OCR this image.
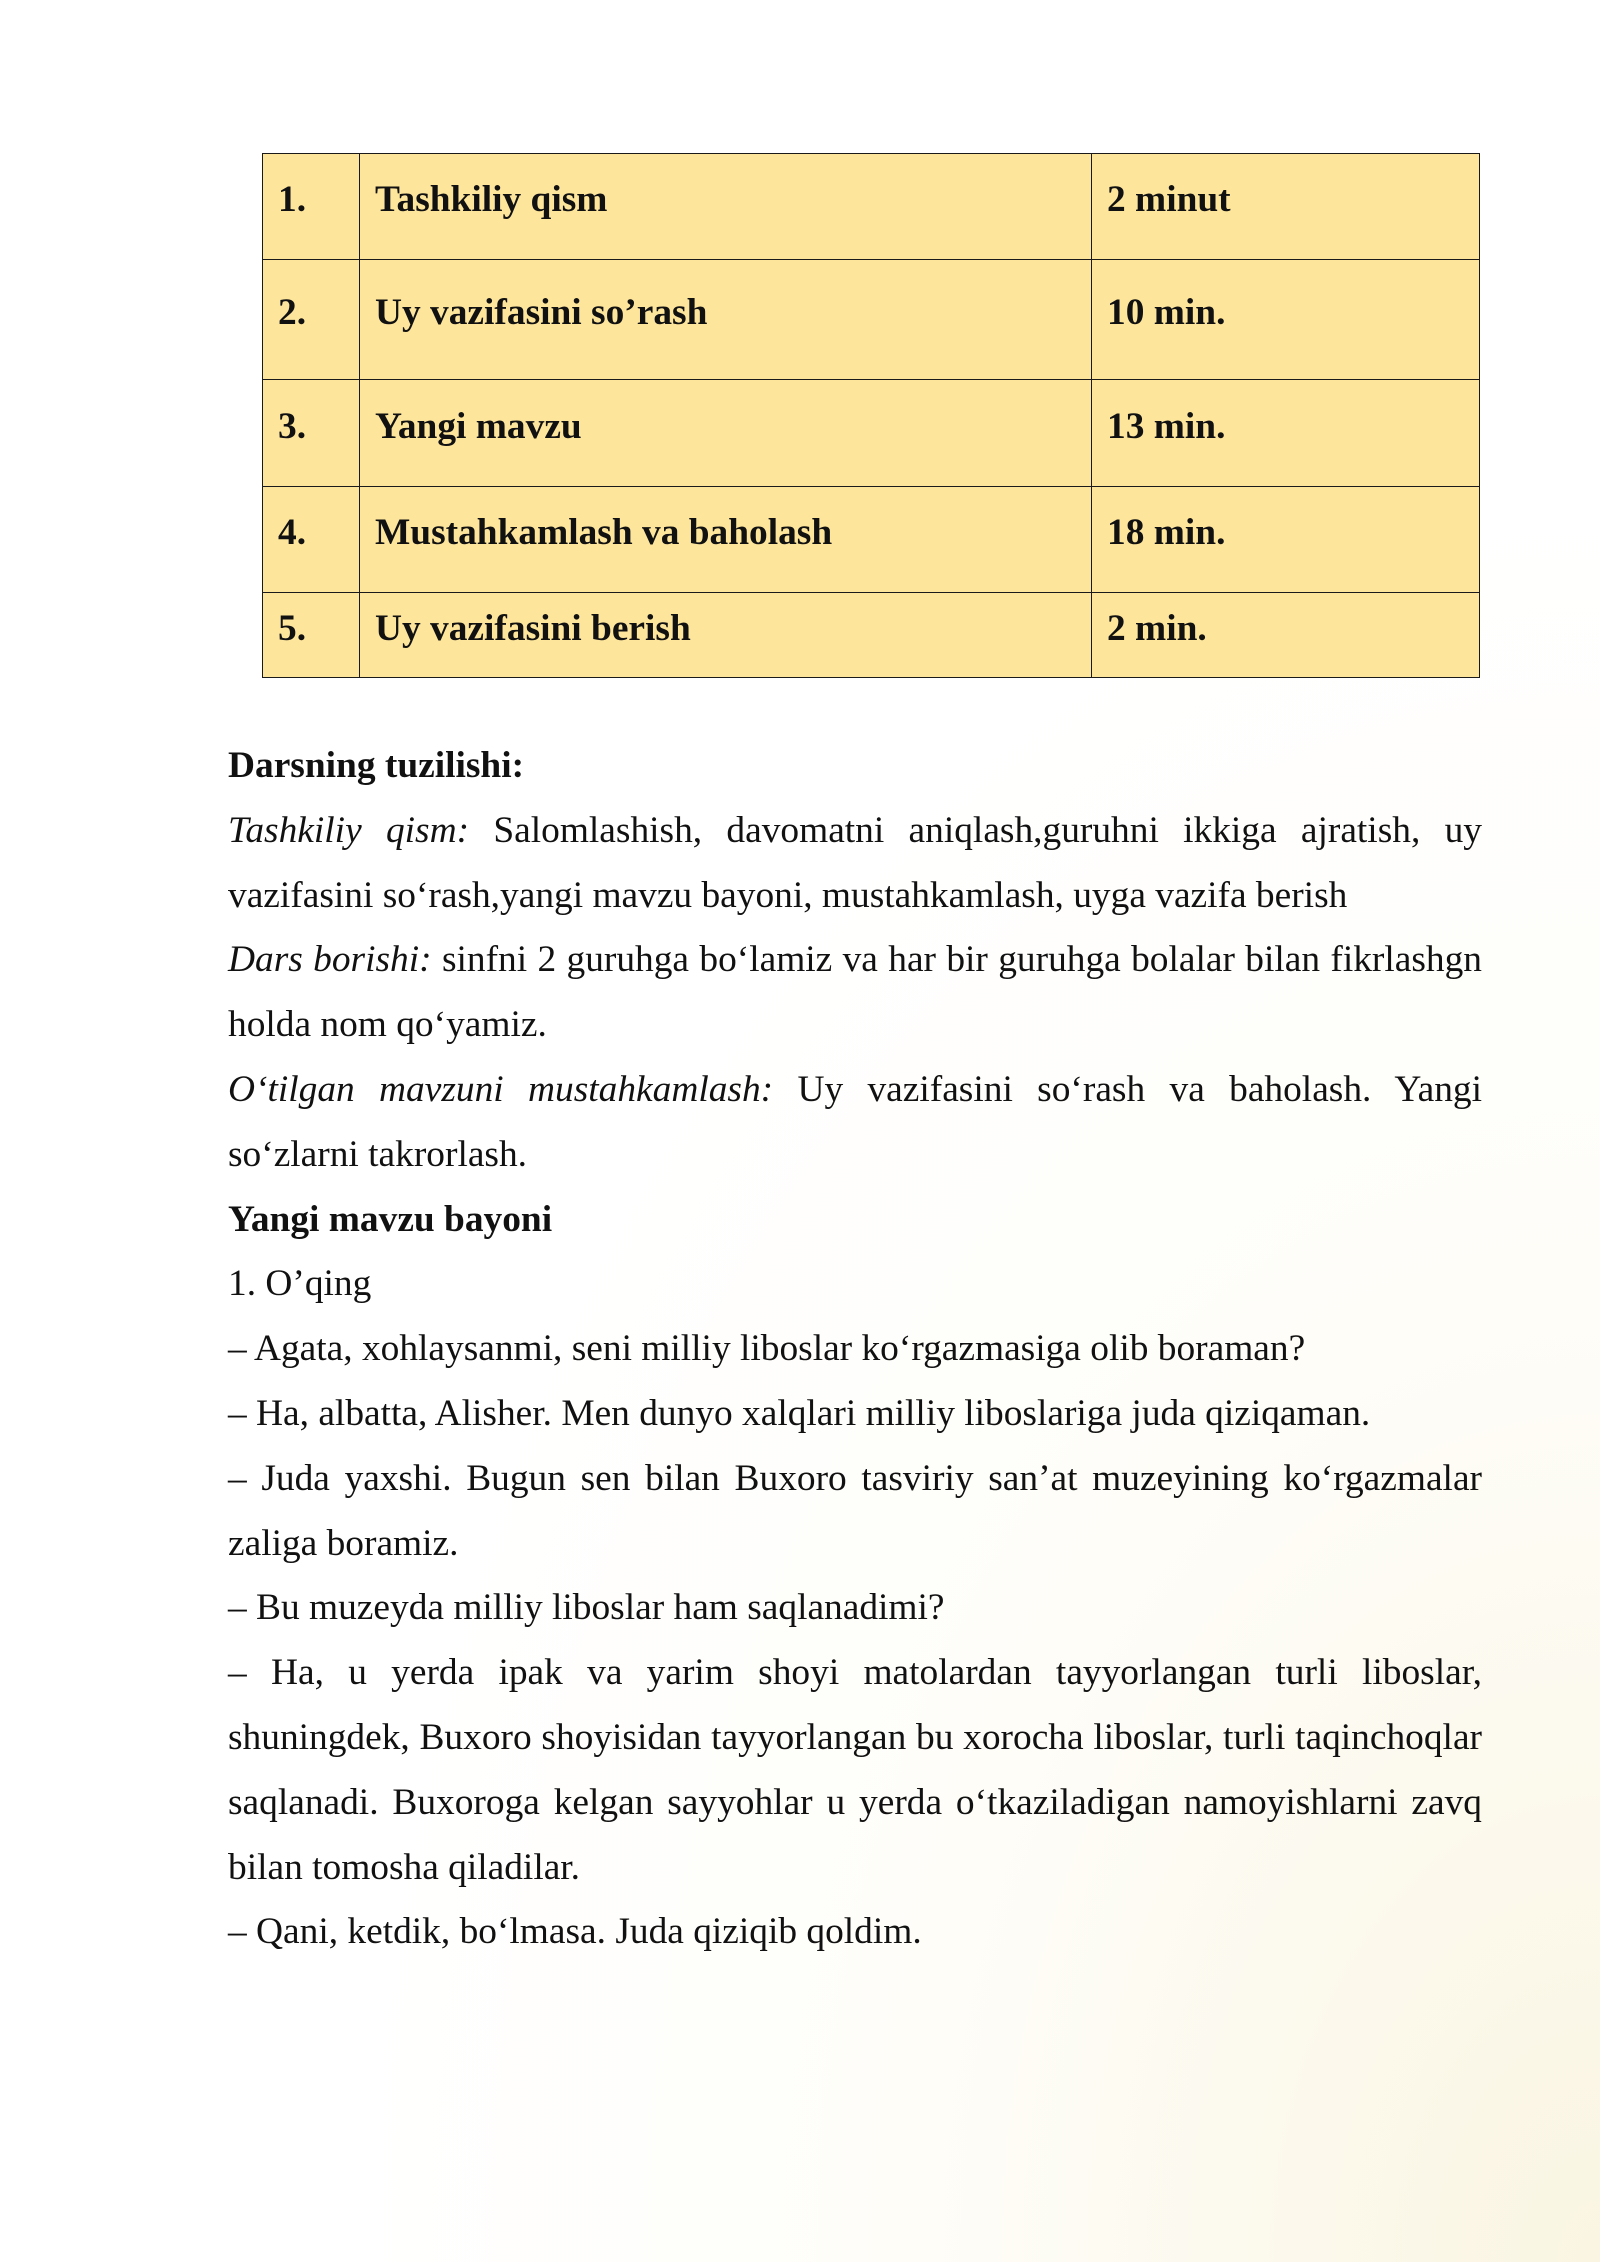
1.	Tashkiliy qism	2 minut
2.	Uy vazifasini so’rash	10 min.
3.	Yangi mavzu	13 min.
4.	Mustahkamlash va baholash	18 min.
5.	Uy vazifasini berish	2 min.
Darsning tuzilishi:
Tashkiliy qism: Salomlashish, davomatni aniqlash,guruhni ikkiga ajratish, uy
vazifasini so‘rash,yangi mavzu bayoni, mustahkamlash, uyga vazifa berish
Dars borishi: sinfni 2 guruhga bo‘lamiz va har bir guruhga bolalar bilan fikrlashgn
holda nom qo‘yamiz.
O‘tilgan mavzuni mustahkamlash: Uy vazifasini so‘rash va baholash. Yangi
so‘zlarni takrorlash.
Yangi mavzu bayoni
1. O’qing
– Agata, xohlaysanmi, seni milliy liboslar ko‘rgazmasiga olib boraman?
– Ha, albatta, Alisher. Men dunyo xalqlari milliy liboslariga juda qiziqaman.
– Juda yaxshi. Bugun sen bilan Buxoro tasviriy san’at muzeyining ko‘rgazmalar
zaliga boramiz.
– Bu muzeyda milliy liboslar ham saqlanadimi?
– Ha, u yerda ipak va yarim shoyi matolardan tayyorlangan turli liboslar,
shuningdek, Buxoro shoyisidan tayyorlangan bu xorocha liboslar, turli taqinchoqlar
saqlanadi. Buxoroga kelgan sayyohlar u yerda o‘tkaziladigan namoyishlarni zavq
bilan tomosha qiladilar.
– Qani, ketdik, bo‘lmasa. Juda qiziqib qoldim.
